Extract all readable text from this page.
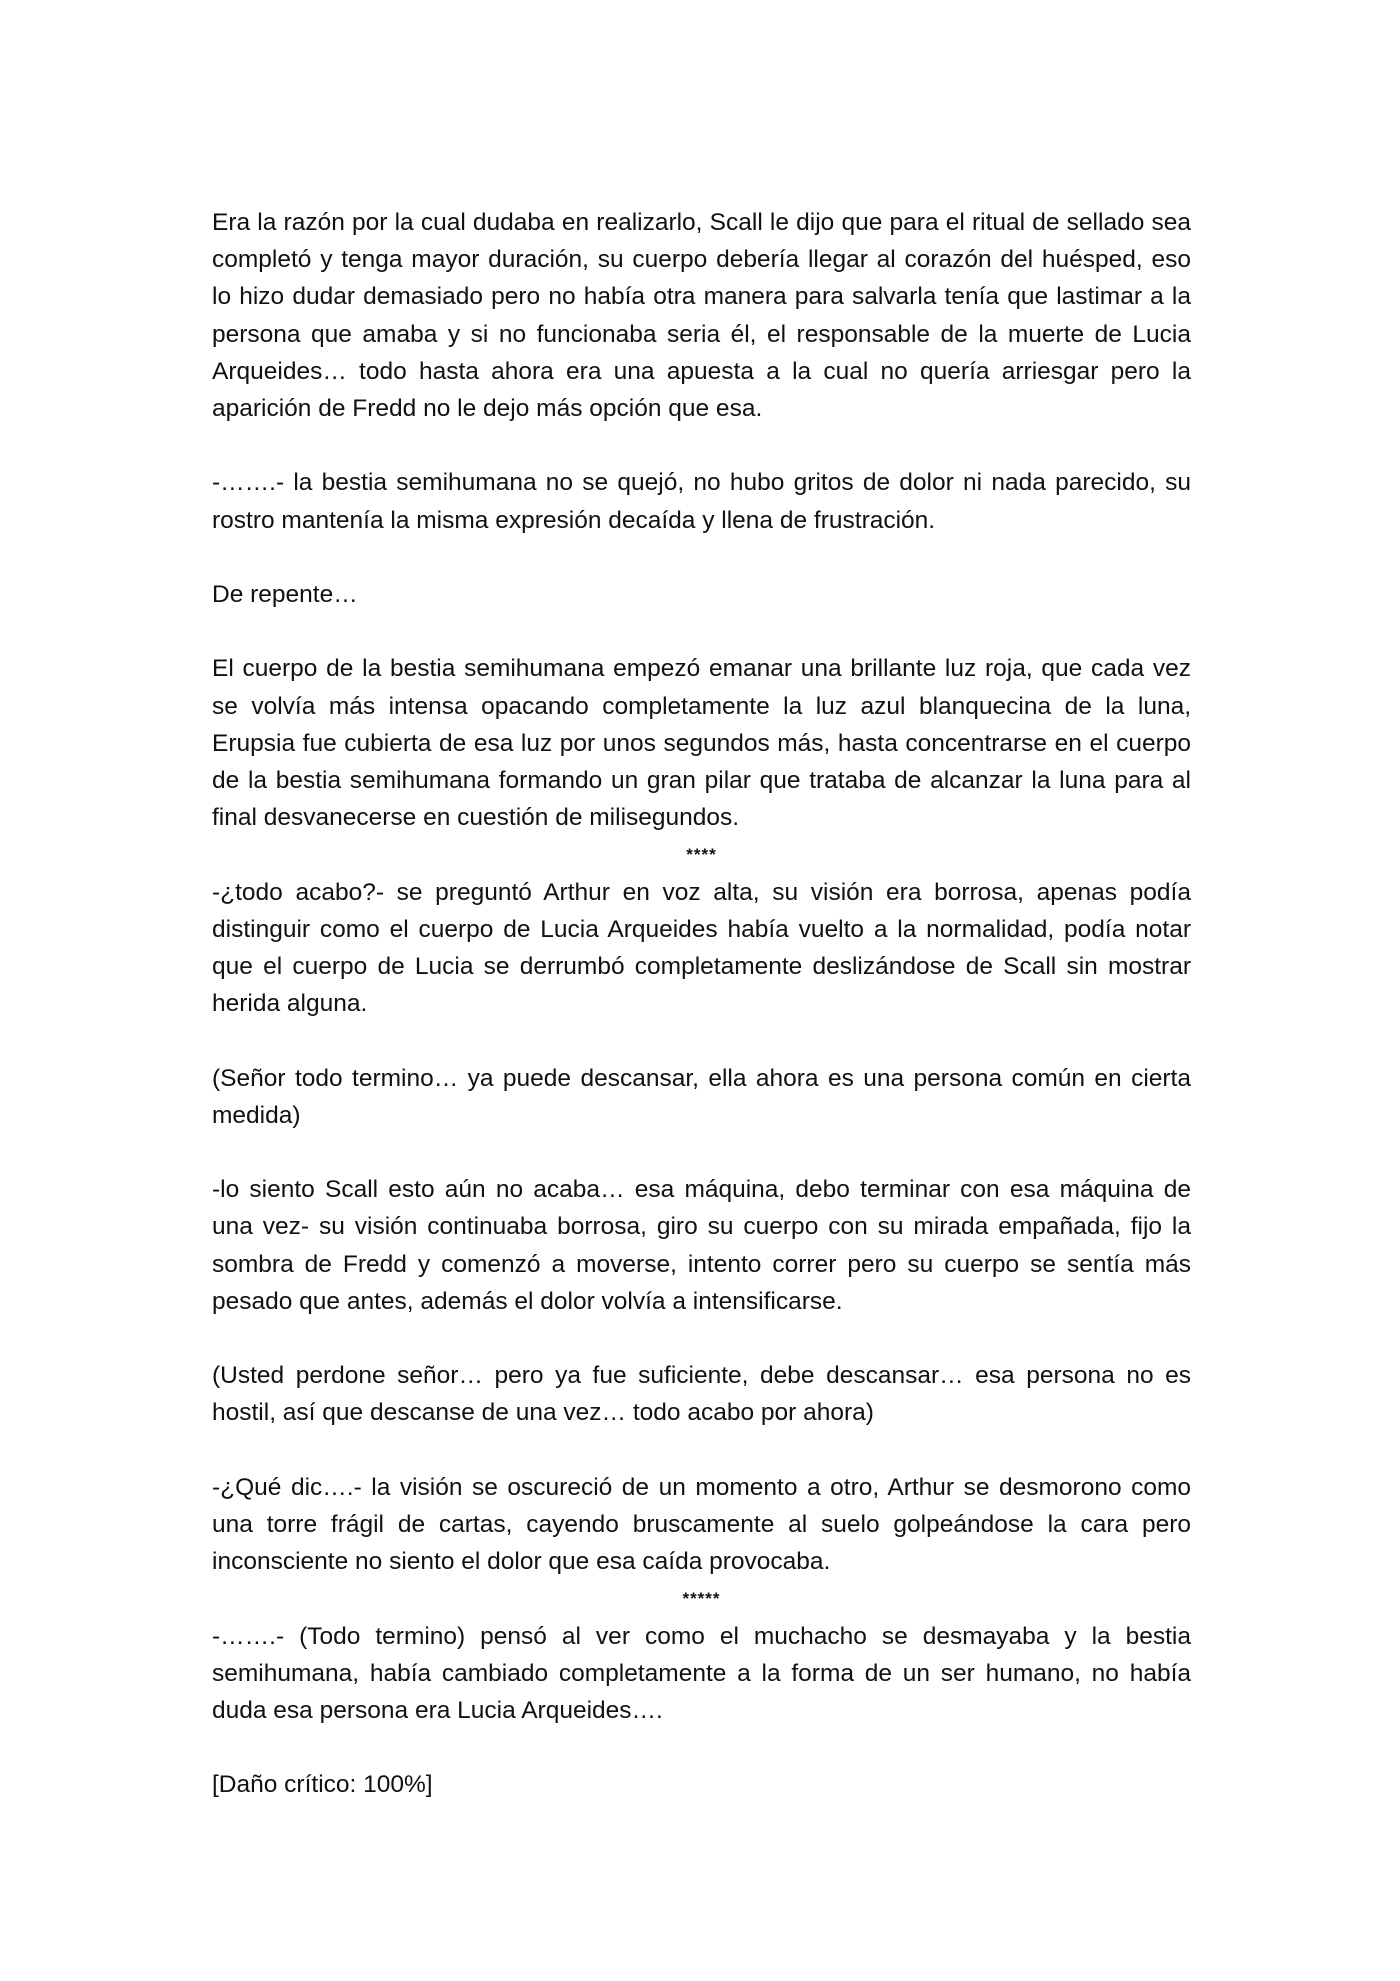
Era la razón por la cual dudaba en realizarlo, Scall le dijo que para el ritual de sellado sea completó y tenga mayor duración, su cuerpo debería llegar al corazón del huésped, eso lo hizo dudar demasiado pero no había otra manera para salvarla tenía que lastimar a la persona que amaba y si no funcionaba seria él, el responsable de la muerte de Lucia Arqueides… todo hasta ahora era una apuesta a la cual no quería arriesgar pero la aparición de Fredd no le dejo más opción que esa.

-…….- la bestia semihumana no se quejó, no hubo gritos de dolor ni nada parecido, su rostro mantenía la misma expresión decaída y llena de frustración.

De repente…

El cuerpo de la bestia semihumana empezó emanar una brillante luz roja, que cada vez se volvía más intensa opacando completamente la luz azul blanquecina de la luna, Erupsia fue cubierta de esa luz por unos segundos más, hasta concentrarse en el cuerpo de la bestia semihumana formando un gran pilar que trataba de alcanzar la luna para al final desvanecerse en cuestión de milisegundos.

****

-¿todo acabo?- se preguntó Arthur en voz alta, su visión era borrosa, apenas podía distinguir como el cuerpo de Lucia Arqueides había vuelto a la normalidad, podía notar que el cuerpo de Lucia se derrumbó completamente deslizándose de Scall sin mostrar herida alguna.

(Señor todo termino… ya puede descansar, ella ahora es una persona común en cierta medida)

-lo siento Scall esto aún no acaba… esa máquina, debo terminar con esa máquina de una vez- su visión continuaba borrosa, giro su cuerpo con su mirada empañada, fijo la sombra de Fredd y comenzó a moverse, intento correr pero su cuerpo se sentía más pesado que antes, además el dolor volvía a intensificarse.

(Usted perdone señor… pero ya fue suficiente, debe descansar… esa persona no es hostil, así que descanse de una vez… todo acabo por ahora)

-¿Qué dic….- la visión se oscureció de un momento a otro, Arthur se desmorono como una torre frágil de cartas, cayendo bruscamente al suelo golpeándose la cara pero inconsciente no siento el dolor que esa caída provocaba.

*****

-…….- (Todo termino) pensó al ver como el muchacho se desmayaba y la bestia semihumana, había cambiado completamente a la forma de un ser humano, no había duda esa persona era Lucia Arqueides….

[Daño crítico: 100%]
